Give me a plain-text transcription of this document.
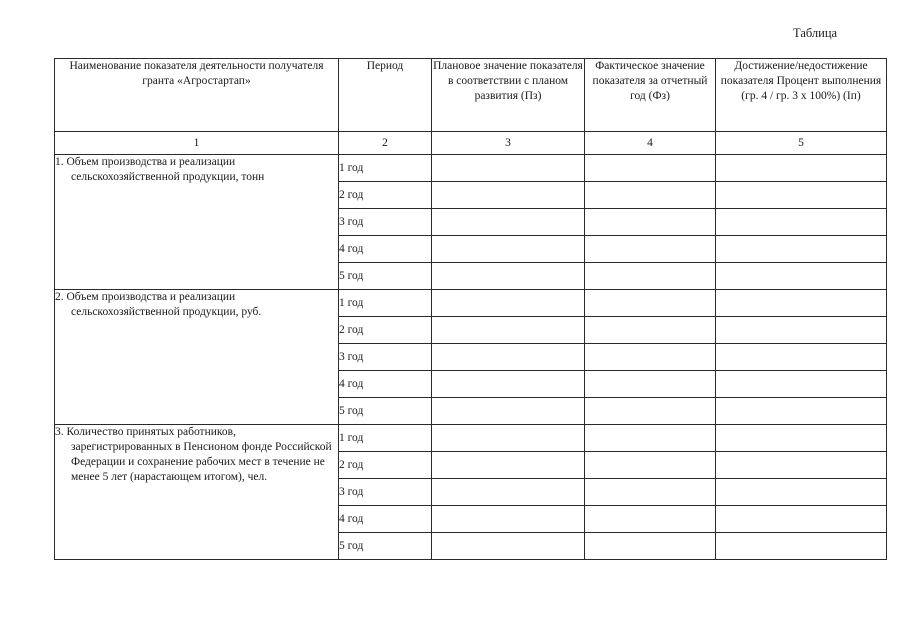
Таблица
Наименование показателя деятельности получателя гранта «Агростартап»	Период	Плановое значение показателя в соответствии с планом развития (Пз)	Фактическое значение показателя за отчетный год (Фз)	Достижение/недостижение показателя Процент выполнения (гр. 4 / гр. 3 х 100%) (Iп)
1	2	3	4	5

1. Объем производства и реализации сельскохозяйственной продукции, тонн	1 год			
	2 год			
	3 год			
	4 год			
	5 год			

2. Объем производства и реализации сельскохозяйственной продукции, руб.	1 год			
	2 год			
	3 год			
	4 год			
	5 год			

3. Количество принятых работников, зарегистрированных в Пенсионом фонде Российской Федерации и сохранение рабочих мест в течение не менее 5 лет (нарастающем итогом), чел.	1 год			
	2 год			
	3 год			
	4 год			
	5 год			
